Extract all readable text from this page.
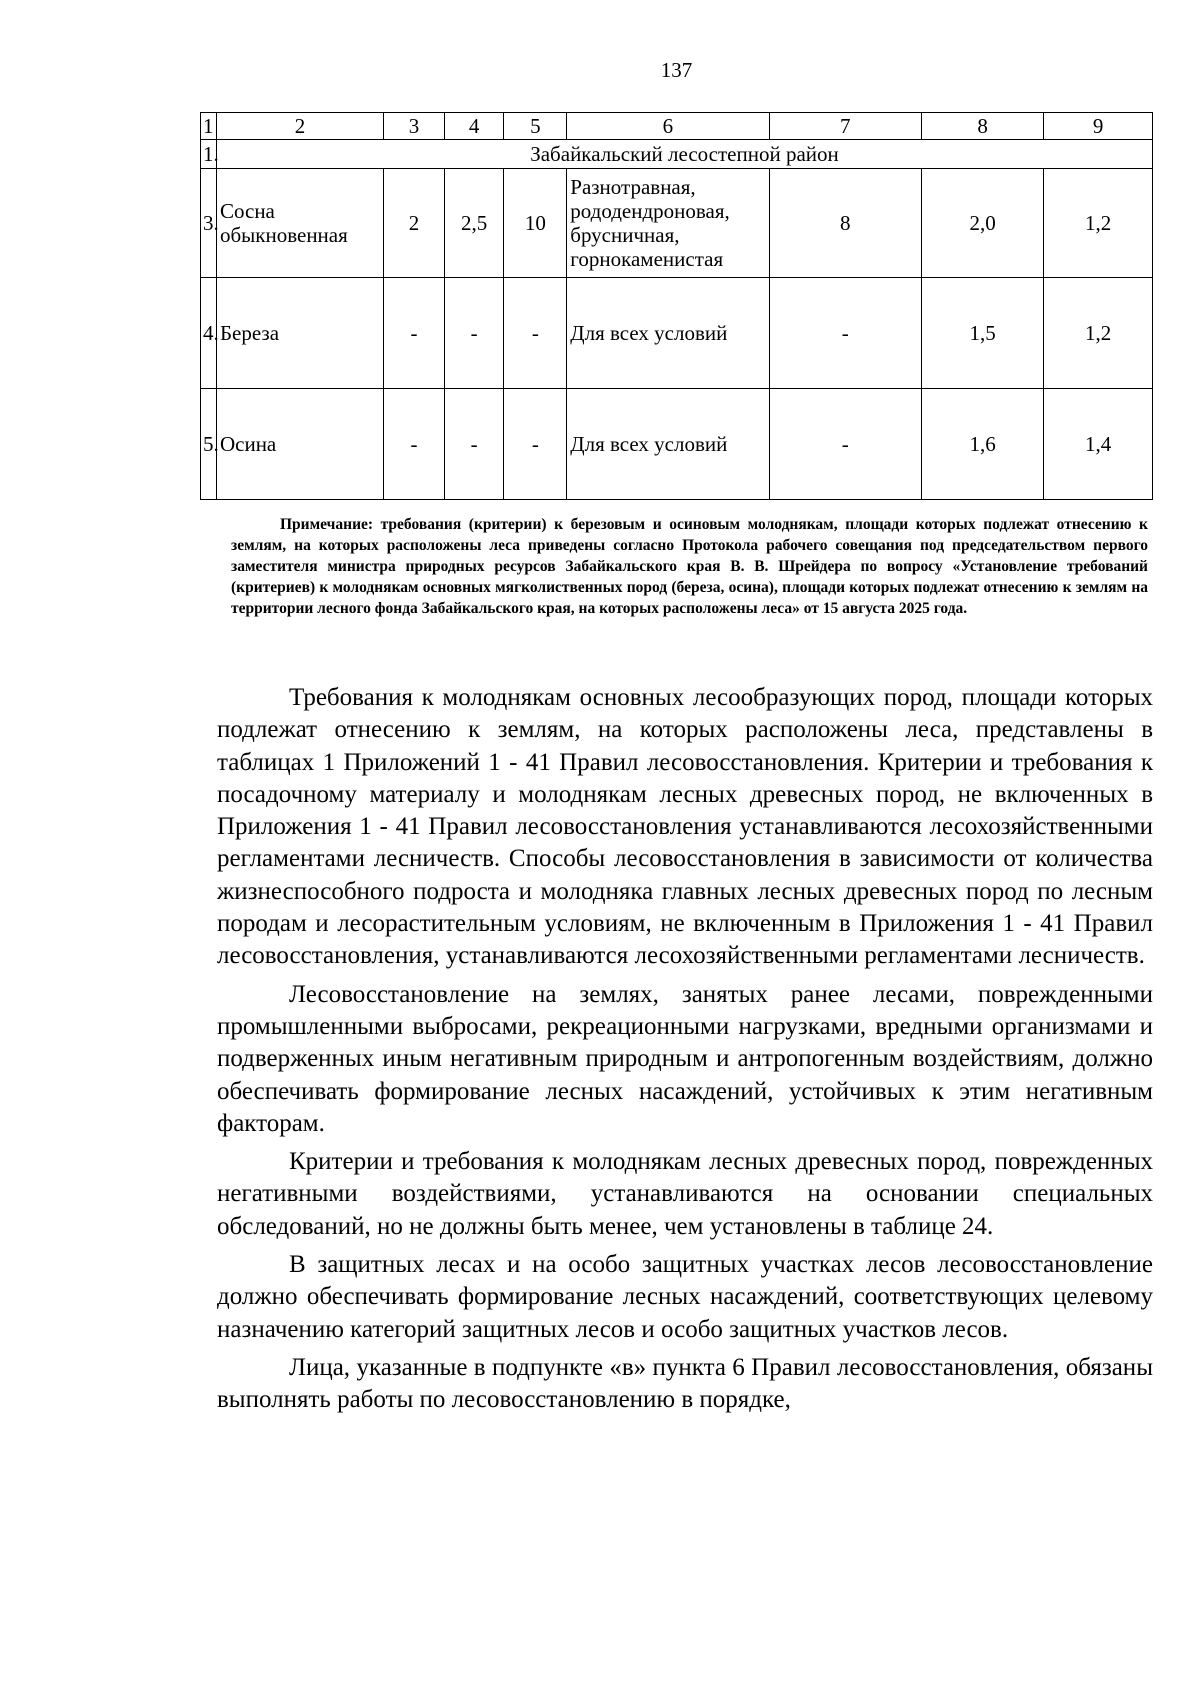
137
1	2	3	4	5	6	7	8	9
1.	Забайкальский лесостепной район							
3.	Сосна обыкновенная	2	2,5	10	Разнотравная, рододендроновая, брусничная, горнокаменистая	8	2,0	1,2
4.	Береза	-	-	-	Для всех условий	-	1,5	1,2
5.	Осина	-	-	-	Для всех условий	-	1,6	1,4
Примечание: требования (критерии) к березовым и осиновым молоднякам, площади которых подлежат отнесению к землям, на которых расположены леса приведены согласно Протокола рабочего совещания под председательством первого заместителя министра природных ресурсов Забайкальского края В. В. Шрейдера по вопросу «Установление требований (критериев) к молоднякам основных мягколиственных пород (береза, осина), площади которых подлежат отнесению к землям на территории лесного фонда Забайкальского края, на которых расположены леса» от 15 августа 2025 года.

Требования к молоднякам основных лесообразующих пород, площади которых подлежат отнесению к землям, на которых расположены леса, представлены в таблицах 1 Приложений 1 - 41 Правил лесовосстановления. Критерии и требования к посадочному материалу и молоднякам лесных древесных пород, не включенных в Приложения 1 - 41 Правил лесовосстановления устанавливаются лесохозяйственными регламентами лесничеств. Способы лесовосстановления в зависимости от количества жизнеспособного подроста и молодняка главных лесных древесных пород по лесным породам и лесорастительным условиям, не включенным в Приложения 1 - 41 Правил лесовосстановления, устанавливаются лесохозяйственными регламентами лесничеств.

Лесовосстановление на землях, занятых ранее лесами, поврежденными промышленными выбросами, рекреационными нагрузками, вредными организмами и подверженных иным негативным природным и антропогенным воздействиям, должно обеспечивать формирование лесных насаждений, устойчивых к этим негативным факторам.

Критерии и требования к молоднякам лесных древесных пород, поврежденных негативными воздействиями, устанавливаются на основании специальных обследований, но не должны быть менее, чем установлены в таблице 24.

В защитных лесах и на особо защитных участках лесов лесовосстановление должно обеспечивать формирование лесных насаждений, соответствующих целевому назначению категорий защитных лесов и особо защитных участков лесов.

Лица, указанные в подпункте «в» пункта 6 Правил лесовосстановления, обязаны выполнять работы по лесовосстановлению в порядке,
